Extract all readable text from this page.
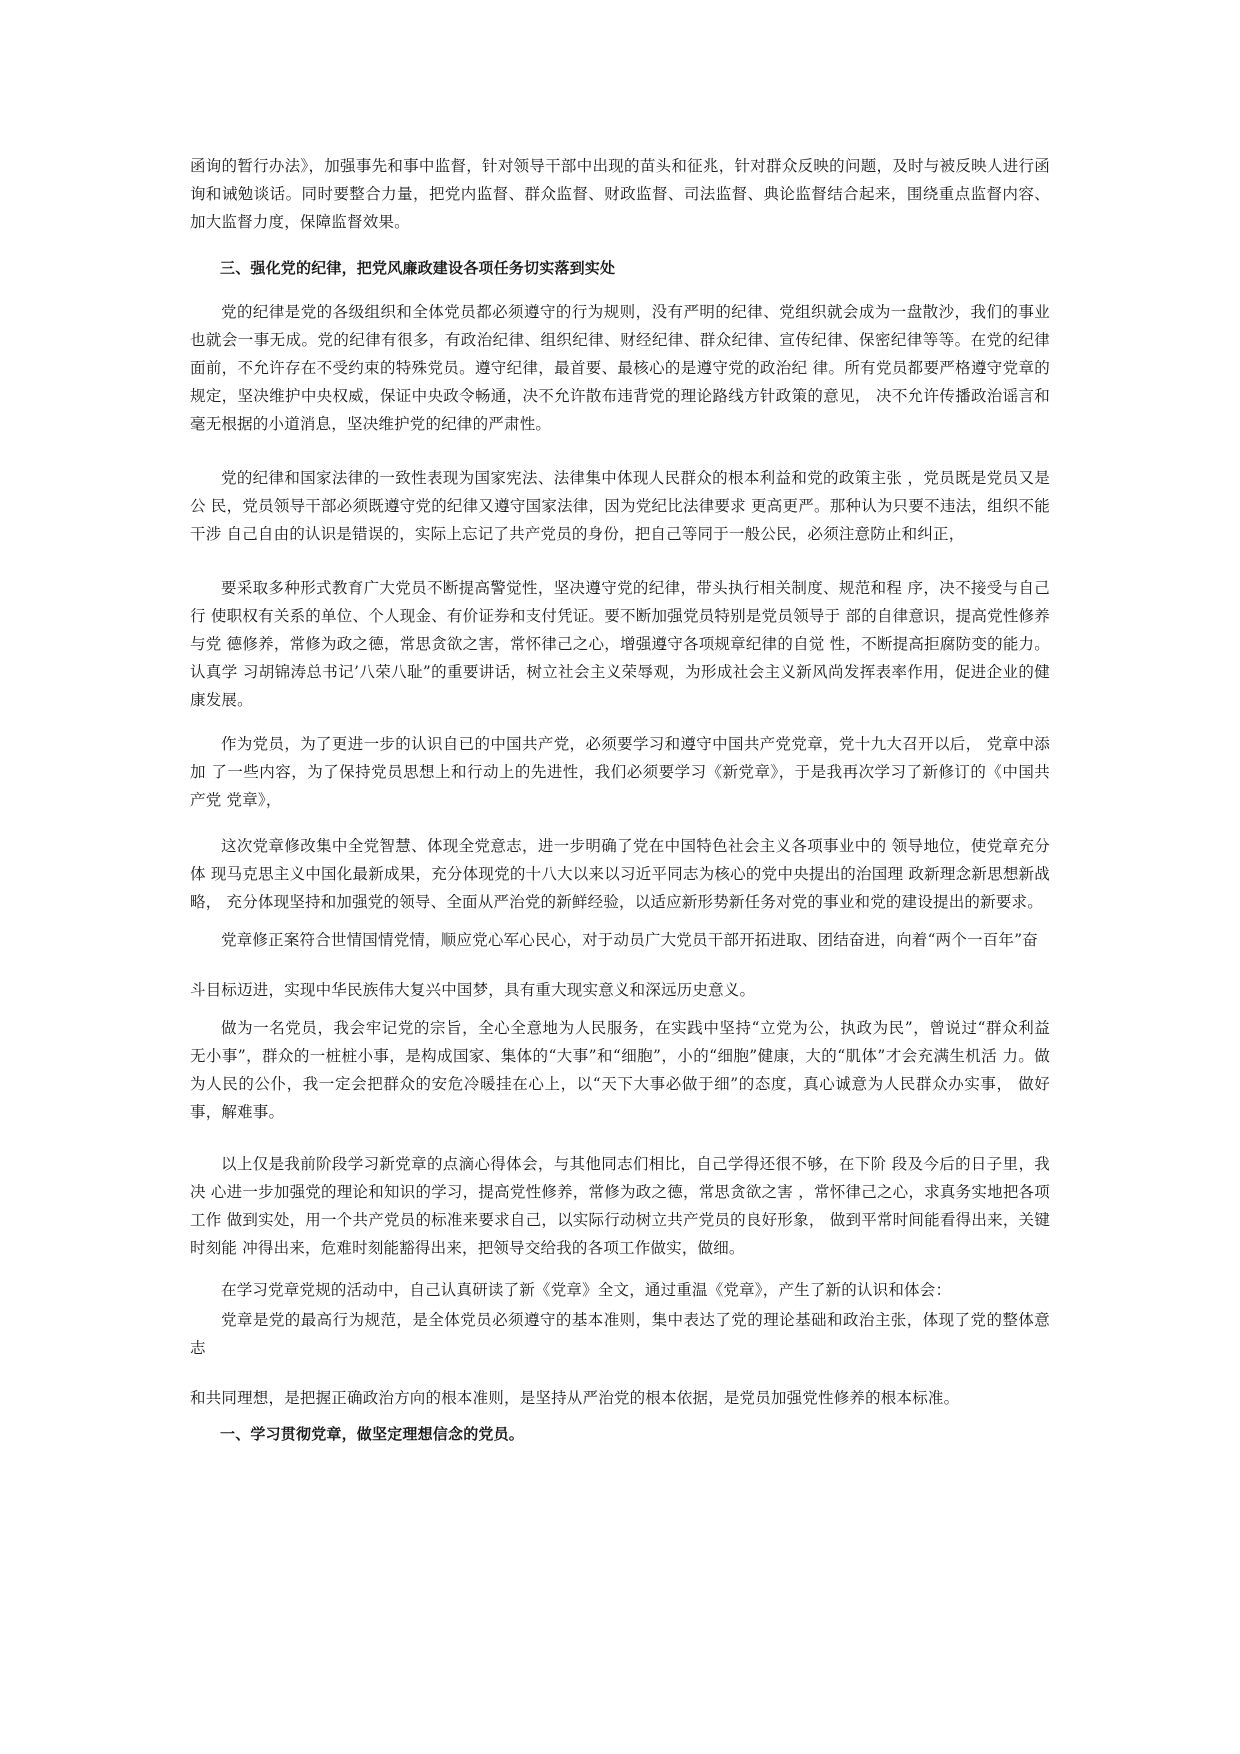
函询的暂行办法》，加强事先和事中监督，针对领导干部中出现的苗头和征兆，针对群众反映的问题，及时与被反映人进行函询和诫勉谈话。同时要整合力量，把党内监督、群众监督、财政监督、司法监督、典论监督结合起来，围绕重点监督内容、加大监督力度，保障监督效果。

三、强化党的纪律，把党风廉政建设各项任务切实落到实处

党的纪律是党的各级组织和全体党员都必须遵守的行为规则，没有严明的纪律、党组织就会成为一盘散沙，我们的事业也就会一事无成。党的纪律有很多，有政治纪律、组织纪律、财经纪律、群众纪律、宣传纪律、保密纪律等等。在党的纪律面前，不允许存在不受约束的特殊党员。遵守纪律，最首要、最核心的是遵守党的政治纪 律。所有党员都要严格遵守党章的规定，坚决维护中央权威，保证中央政令畅通，决不允许散布违背党的理论路线方针政策的意见， 决不允许传播政治谣言和毫无根据的小道消息，坚决维护党的纪律的严肃性。

党的纪律和国家法律的一致性表现为国家宪法、法律集中体现人民群众的根本利益和党的政策主张 ，党员既是党员又是公 民，党员领导干部必须既遵守党的纪律又遵守国家法律，因为党纪比法律要求 更高更严。那种认为只要不违法，组织不能干涉 自己自由的认识是错误的，实际上忘记了共产党员的身份，把自己等同于一般公民，必须注意防止和纠正，

要采取多种形式教育广大党员不断提高警觉性，坚决遵守党的纪律，带头执行相关制度、规范和程 序，决不接受与自己行 使职权有关系的单位、个人现金、有价证券和支付凭证。要不断加强党员特别是党员领导于 部的自律意识，提高党性修养与党 德修养，常修为政之德，常思贪欲之害，常怀律己之心，增强遵守各项规章纪律的自觉 性，不断提高拒腐防变的能力。认真学 习胡锦涛总书记’八荣八耻”的重要讲话，树立社会主义荣辱观，为形成社会主义新风尚发挥表率作用，促进企业的健康发展。

作为党员，为了更进一步的认识自已的中国共产党，必须要学习和遵守中国共产党党章，党十九大召开以后， 党章中添加 了一些内容，为了保持党员思想上和行动上的先进性，我们必须要学习《新党章》，于是我再次学习了新修订的《中国共产党 党章》，

这次党章修改集中全党智慧、体现全党意志，进一步明确了党在中国特色社会主义各项事业中的 领导地位，使党章充分体 现马克思主义中国化最新成果，充分体现党的十八大以来以习近平同志为核心的党中央提出的治国理 政新理念新思想新战略， 充分体现坚持和加强党的领导、全面从严治党的新鲜经验，以适应新形势新任务对党的事业和党的建设提出的新要求。

党章修正案符合世情国情党情，顺应党心军心民心，对于动员广大党员干部开拓进取、团结奋进，向着“两个一百年”奋

斗目标迈进，实现中华民族伟大复兴中国梦，具有重大现实意义和深远历史意义。

做为一名党员，我会牢记党的宗旨，全心全意地为人民服务，在实践中坚持“立党为公，执政为民”，曾说过“群众利益 无小事”，群众的一桩桩小事，是构成国家、集体的“大事”和“细胞”，小的“细胞”健康，大的“肌体”才会充满生机活 力。做为人民的公仆，我一定会把群众的安危冷暖挂在心上，以“天下大事必做于细”的态度，真心诚意为人民群众办实事， 做好事，解难事。

以上仅是我前阶段学习新党章的点滴心得体会，与其他同志们相比，自己学得还很不够，在下阶 段及今后的日子里，我决 心进一步加强党的理论和知识的学习，提高党性修养，常修为政之德，常思贪欲之害 ，常怀律己之心，求真务实地把各项工作 做到实处，用一个共产党员的标准来要求自己，以实际行动树立共产党员的良好形象， 做到平常时间能看得出来，关键时刻能 冲得出来，危难时刻能豁得出来，把领导交给我的各项工作做实，做细。

在学习党章党规的活动中，自己认真研读了新《党章》全文，通过重温《党章》，产生了新的认识和体会：

党章是党的最高行为规范，是全体党员必须遵守的基本准则，集中表达了党的理论基础和政治主张，体现了党的整体意志

和共同理想，是把握正确政治方向的根本准则，是坚持从严治党的根本依据，是党员加强党性修养的根本标准。

一、学习贯彻党章，做坚定理想信念的党员。
